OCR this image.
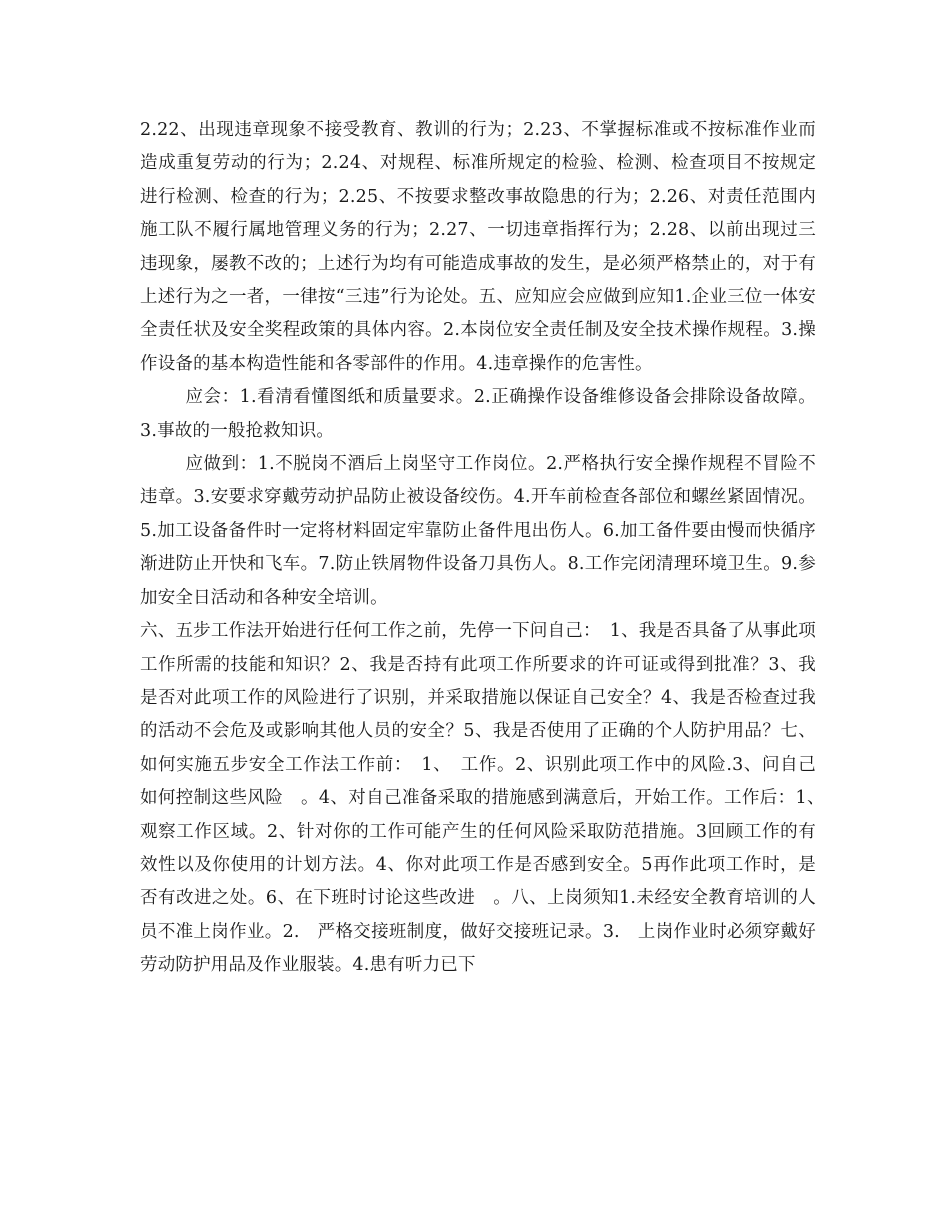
2.22、出现违章现象不接受教育、教训的行为；2.23、不掌握标准或不按标准作业而造成重复劳动的行为；2.24、对规程、标准所规定的检验、检测、检查项目不按规定进行检测、检查的行为；2.25、不按要求整改事故隐患的行为；2.26、对责任范围内施工队不履行属地管理义务的行为；2.27、一切违章指挥行为；2.28、以前出现过三违现象，屡教不改的；上述行为均有可能造成事故的发生，是必须严格禁止的，对于有上述行为之一者，一律按“三违”行为论处。五、应知应会应做到应知1.企业三位一体安全责任状及安全奖程政策的具体内容。2.本岗位安全责任制及安全技术操作规程。3.操作设备的基本构造性能和各零部件的作用。4.违章操作的危害性。

应会：1.看清看懂图纸和质量要求。2.正确操作设备维修设备会排除设备故障。3.事故的一般抢救知识。

应做到：1.不脱岗不酒后上岗坚守工作岗位。2.严格执行安全操作规程不冒险不违章。3.安要求穿戴劳动护品防止被设备绞伤。4.开车前检查各部位和螺丝紧固情况。5.加工设备备件时一定将材料固定牢靠防止备件甩出伤人。6.加工备件要由慢而快循序渐进防止开快和飞车。7.防止铁屑物件设备刀具伤人。8.工作完闭清理环境卫生。9.参加安全日活动和各种安全培训。

六、五步工作法开始进行任何工作之前，先停一下问自己：　1、我是否具备了从事此项工作所需的技能和知识？2、我是否持有此项工作所要求的许可证或得到批准？3、我是否对此项工作的风险进行了识别，并采取措施以保证自己安全？4、我是否检查过我的活动不会危及或影响其他人员的安全？5、我是否使用了正确的个人防护用品？七、如何实施五步安全工作法工作前：　1、　工作。2、识别此项工作中的风险.3、问自己如何控制这些风险　。4、对自己准备采取的措施感到满意后，开始工作。工作后：1、　观察工作区域。2、针对你的工作可能产生的任何风险采取防范措施。3回顾工作的有效性以及你使用的计划方法。4、你对此项工作是否感到安全。5再作此项工作时，是否有改进之处。6、在下班时讨论这些改进　。八、上岗须知1.未经安全教育培训的人员不准上岗作业。2.　严格交接班制度，做好交接班记录。3.　上岗作业时必须穿戴好劳动防护用品及作业服装。4.患有听力已下
